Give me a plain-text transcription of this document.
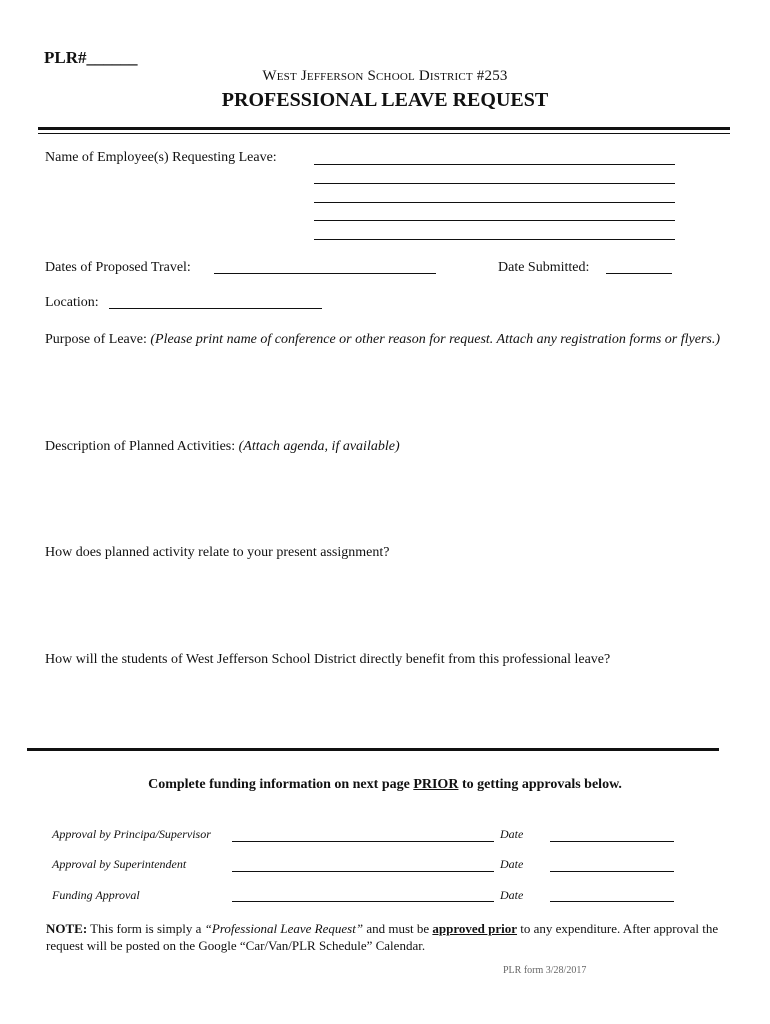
PLR#______
West Jefferson School District #253
PROFESSIONAL LEAVE REQUEST
Name of Employee(s) Requesting Leave:
Dates of Proposed Travel:	Date Submitted:
Location:
Purpose of Leave: (Please print name of conference or other reason for request. Attach any registration forms or flyers.)
Description of Planned Activities: (Attach agenda, if available)
How does planned activity relate to your present assignment?
How will the students of West Jefferson School District directly benefit from this professional leave?
Complete funding information on next page PRIOR to getting approvals below.
Approval by Principa/Supervisor	Date
Approval by Superintendent	Date
Funding Approval	Date
NOTE: This form is simply a “Professional Leave Request” and must be approved prior to any expenditure. After approval the request will be posted on the Google “Car/Van/PLR Schedule” Calendar.
PLR form 3/28/2017
